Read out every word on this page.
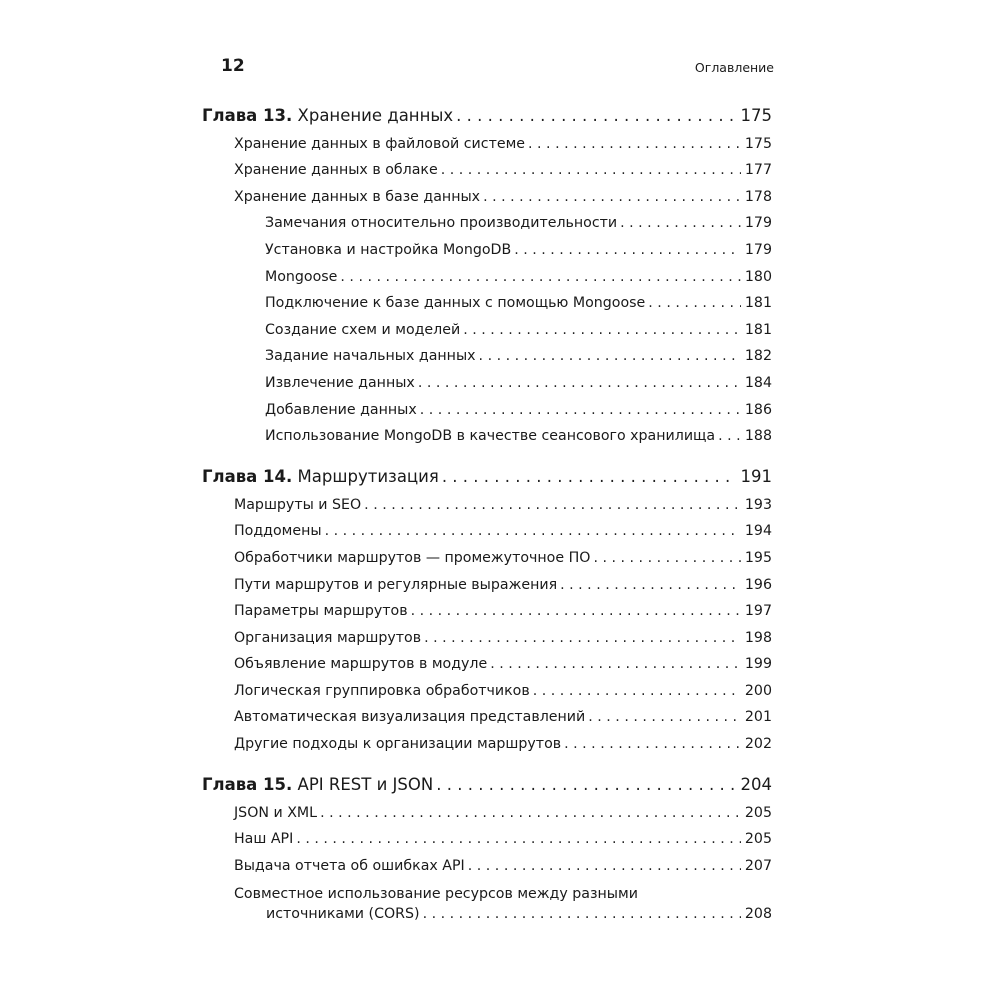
12	Оглавление
Глава 13. Хранение данных . . .	175
Хранение данных в файловой системе . . .	175
Хранение данных в облаке . . .	177
Хранение данных в базе данных . . .	178
Замечания относительно производительности . . .	179
Установка и настройка MongoDB . . .	179
Mongoose . . .	180
Подключение к базе данных с помощью Mongoose . . .	181
Создание схем и моделей . . .	181
Задание начальных данных . . .	182
Извлечение данных . . .	184
Добавление данных . . .	186
Использование MongoDB в качестве сеансового хранилища . . . 188
Глава 14. Маршрутизация . . .	191
Маршруты и SEO . . .	193
Поддомены . . .	194
Обработчики маршрутов — промежуточное ПО . . .	195
Пути маршрутов и регулярные выражения . . .	196
Параметры маршрутов . . .	197
Организация маршрутов . . .	198
Объявление маршрутов в модуле . . .	199
Логическая группировка обработчиков . . .	200
Автоматическая визуализация представлений . . .	201
Другие подходы к организации маршрутов . . .	202
Глава 15. API REST и JSON . . .	204
JSON и XML . . .	205
Наш API . . .	205
Выдача отчета об ошибках API . . .	207
Совместное использование ресурсов между разными
источниками (CORS) . . .	208
